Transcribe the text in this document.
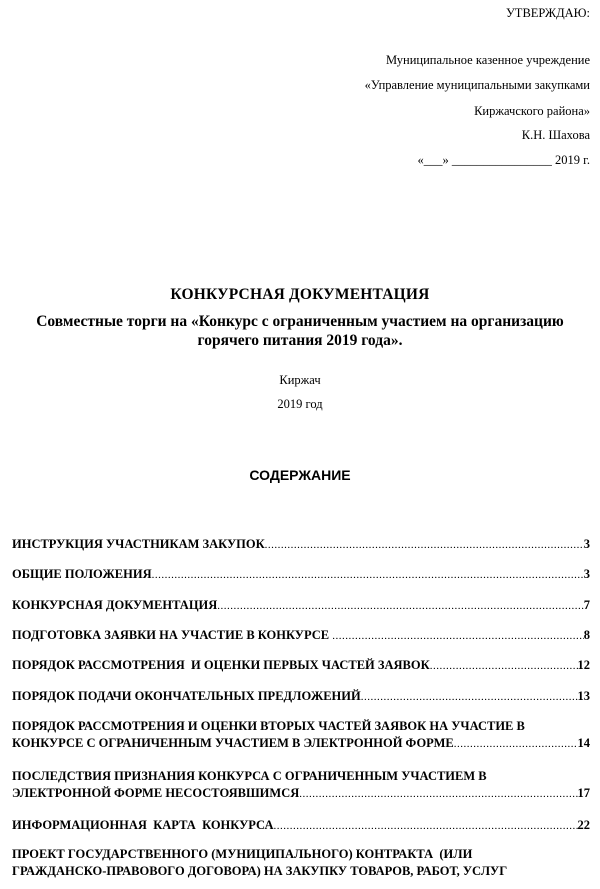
УТВЕРЖДАЮ:
Муниципальное казенное учреждение
«Управление муниципальными закупками
Киржачского района»
К.Н. Шахова
«___» ________________ 2019 г.
КОНКУРСНАЯ ДОКУМЕНТАЦИЯ
Совместные торги на «Конкурс с ограниченным участием на организацию горячего питания 2019 года».
Киржач
2019 год
СОДЕРЖАНИЕ
ИНСТРУКЦИЯ УЧАСТНИКАМ ЗАКУПОК .....	3
ОБЩИЕ ПОЛОЖЕНИЯ .....	3
КОНКУРСНАЯ ДОКУМЕНТАЦИЯ .....	7
ПОДГОТОВКА ЗАЯВКИ НА УЧАСТИЕ В КОНКУРСЕ .....	8
ПОРЯДОК РАССМОТРЕНИЯ  И ОЦЕНКИ ПЕРВЫХ ЧАСТЕЙ ЗАЯВОК .....	12
ПОРЯДОК ПОДАЧИ ОКОНЧАТЕЛЬНЫХ ПРЕДЛОЖЕНИЙ .....	13
ПОРЯДОК РАССМОТРЕНИЯ И ОЦЕНКИ ВТОРЫХ ЧАСТЕЙ ЗАЯВОК НА УЧАСТИЕ В
КОНКУРСЕ С ОГРАНИЧЕННЫМ УЧАСТИЕМ В ЭЛЕКТРОННОЙ ФОРМЕ .....	14
ПОСЛЕДСТВИЯ ПРИЗНАНИЯ КОНКУРСА С ОГРАНИЧЕННЫМ УЧАСТИЕМ В
ЭЛЕКТРОННОЙ ФОРМЕ НЕСОСТОЯВШИМСЯ .....	17
ИНФОРМАЦИОННАЯ  КАРТА  КОНКУРСА .....	22
ПРОЕКТ ГОСУДАРСТВЕННОГО (МУНИЦИПАЛЬНОГО) КОНТРАКТА  (ИЛИ
ГРАЖДАНСКО-ПРАВОВОГО ДОГОВОРА) НА ЗАКУПКУ ТОВАРОВ, РАБОТ, УСЛУГ
